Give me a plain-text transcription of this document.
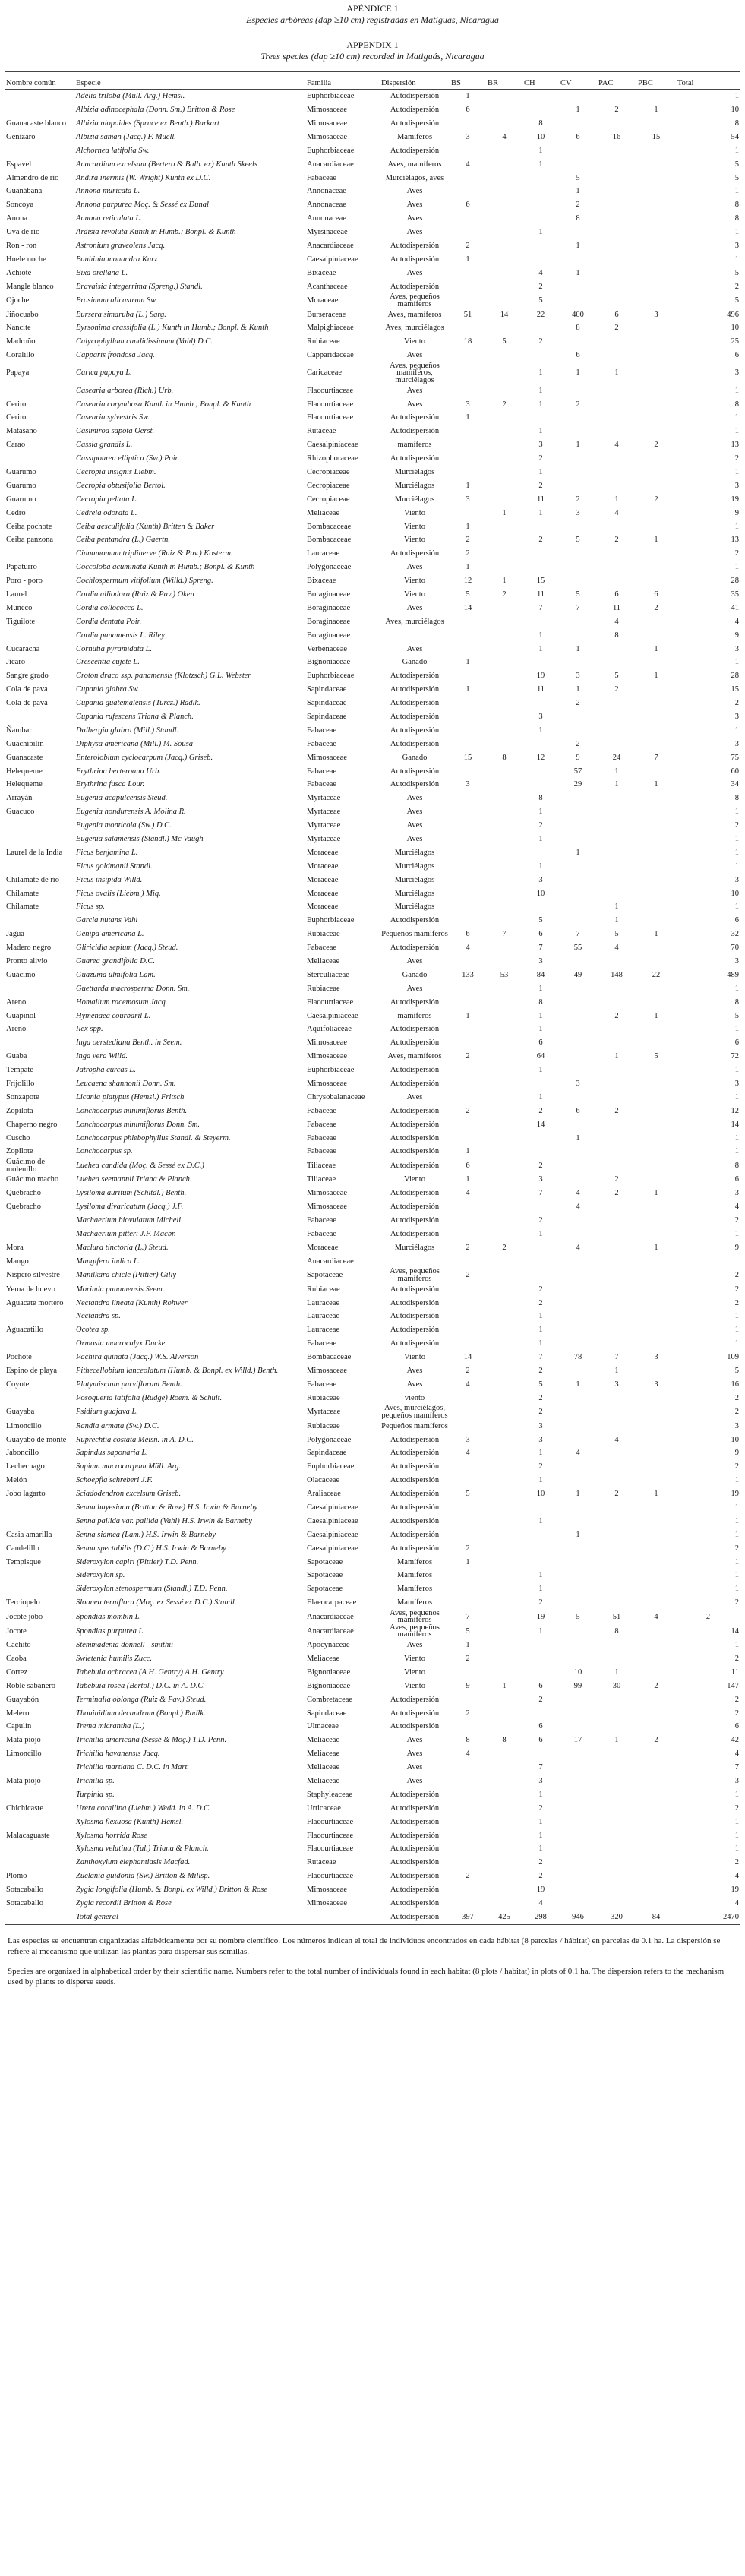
APÉNDICE 1
Especies arbóreas (dap ≥10 cm) registradas en Matiguás, Nicaragua
APPENDIX 1
Trees species (dap ≥10 cm) recorded in Matiguás, Nicaragua

Nombre común	Especie	Familia	Dispersión	BS	BR	CH	CV	PAC	PBC	Total	
	Adelia triloba (Müll. Arg.) Hemsl.	Euphorbiaceae	Autodispersión	1						1	
	Albizia adinocephala (Donn. Sm.) Britton & Rose	Mimosaceae	Autodispersión	6			1	2	1	10	
Guanacaste blanco	Albizia niopoides (Spruce ex Benth.) Burkart	Mimosaceae	Autodispersión			8				8	
Genízaro	Albizia saman (Jacq.) F. Muell.	Mimosaceae	Mamíferos	3	4	10	6	16	15	54	
	Alchornea latifolia Sw.	Euphorbiaceae	Autodispersión			1				1	
Espavel	Anacardium excelsum (Bertero & Balb. ex) Kunth Skeels	Anacardiaceae	Aves, mamíferos	4		1				5	
Almendro de río	Andira inermis (W. Wright) Kunth ex D.C.	Fabaceae	Murciélagos, aves				5			5	
Guanábana	Annona muricata L.	Annonaceae	Aves				1			1	
Soncoya	Annona purpurea Moç. & Sessé ex Dunal	Annonaceae	Aves	6			2			8	
Anona	Annona reticulata L.	Annonaceae	Aves				8			8	
Uva de río	Ardisia revoluta Kunth in Humb.; Bonpl. & Kunth	Myrsinaceae	Aves			1				1	
Ron - ron	Astronium graveolens Jacq.	Anacardiaceae	Autodispersión	2			1			3	
Huele noche	Bauhinia monandra Kurz	Caesalpiniaceae	Autodispersión	1						1	
Achiote	Bixa orellana L.	Bixaceae	Aves			4	1			5	
Mangle blanco	Bravaisia integerrima (Spreng.) Standl.	Acanthaceae	Autodispersión			2				2	
Ojoche	Brosimum alicastrum Sw.	Moraceae	Aves, pequeños mamíferos			5				5	
Jiñocuabo	Bursera simaruba (L.) Sarg.	Burseraceae	Aves, mamíferos	51	14	22	400	6	3	496	
Nancite	Byrsonima crassifolia (L.) Kunth in Humb.; Bonpl. & Kunth	Malpighiaceae	Aves, murciélagos				8	2		10	
Madroño	Calycophyllum candidissimum (Vahl) D.C.	Rubiaceae	Viento	18	5	2				25	
Coralillo	Capparis frondosa Jacq.	Capparidaceae	Aves				6			6	
Papaya	Carica papaya L.	Caricaceae	Aves, pequeños mamíferos, murciélagos			1	1	1		3	
	Casearia arborea (Rich.) Urb.	Flacourtiaceae	Aves			1				1	
Cerito	Casearia corymbosa Kunth in Humb.; Bonpl. & Kunth	Flacourtiaceae	Aves	3	2	1	2			8	
Cerito	Casearia sylvestris Sw.	Flacourtiaceae	Autodispersión	1						1	
Matasano	Casimiroa sapota Oerst.	Rutaceae	Autodispersión			1				1	
Carao	Cassia grandis L.	Caesalpiniaceae	mamíferos			3	1	4	2	13	
	Cassipourea elliptica (Sw.) Poir.	Rhizophoraceae	Autodispersión			2				2	
Guarumo	Cecropia insignis Liebm.	Cecropiaceae	Murciélagos			1				1	
Guarumo	Cecropia obtusifolia Bertol.	Cecropiaceae	Murciélagos	1		2				3	
Guarumo	Cecropia peltata L.	Cecropiaceae	Murciélagos	3		11	2	1	2	19	
Cedro	Cedrela odorata L.	Meliaceae	Viento		1	1	3	4		9	
Ceiba pochote	Ceiba aesculifolia (Kunth) Britten & Baker	Bombacaceae	Viento	1						1	
Ceiba panzona	Ceiba pentandra (L.) Gaertn.	Bombacaceae	Viento	2		2	5	2	1	13	
	Cinnamomum triplinerve (Ruiz & Pav.) Kosterm.	Lauraceae	Autodispersión	2						2	
Papaturro	Coccoloba acuminata Kunth in Humb.; Bonpl. & Kunth	Polygonaceae	Aves	1						1	
Poro - poro	Cochlospermum vitifolium (Willd.) Spreng.	Bixaceae	Viento	12	1	15				28	
Laurel	Cordia alliodora (Ruiz & Pav.) Oken	Boraginaceae	Viento	5	2	11	5	6	6	35	
Muñeco	Cordia collococca L.	Boraginaceae	Aves	14		7	7	11	2	41	
Tiguilote	Cordia dentata Poir.	Boraginaceae	Aves, murciélagos					4		4	
	Cordia panamensis L. Riley	Boraginaceae				1		8		9	
Cucaracha	Cornutia pyramidata L.	Verbenaceae	Aves			1	1		1	3	
Jícaro	Crescentia cujete L.	Bignoniaceae	Ganado	1						1	
Sangre grado	Croton draco ssp. panamensis (Klotzsch) G.L. Webster	Euphorbiaceae	Autodispersión			19	3	5	1	28	
Cola de pava	Cupania glabra Sw.	Sapindaceae	Autodispersión	1		11	1	2		15	
Cola de pava	Cupania guatemalensis (Turcz.) Radlk.	Sapindaceae	Autodispersión				2			2	
	Cupania rufescens Triana & Planch.	Sapindaceae	Autodispersión			3				3	
Ñambar	Dalbergia glabra (Mill.) Standl.	Fabaceae	Autodispersión			1				1	
Guachipilín	Diphysa americana (Mill.) M. Sousa	Fabaceae	Autodispersión				2			3	
Guanacaste	Enterolobium cyclocarpum (Jacq.) Griseb.	Mimosaceae	Ganado	15	8	12	9	24	7	75	
Helequeme	Erythrina berteroana Urb.	Fabaceae	Autodispersión				57	1		60	
Helequeme	Erythrina fusca Lour.	Fabaceae	Autodispersión	3			29	1	1	34	
Arrayán	Eugenia acapulcensis Steud.	Myrtaceae	Aves			8				8	
Guacuco	Eugenia hondurensis A. Molina R.	Myrtaceae	Aves			1				1	
	Eugenia monticola (Sw.) D.C.	Myrtaceae	Aves			2				2	
	Eugenia salamensis (Standl.) Mc Vaugh	Myrtaceae	Aves			1				1	
Laurel de la India	Ficus benjamina L.	Moraceae	Murciélagos				1			1	
	Ficus goldmanii Standl.	Moraceae	Murciélagos			1				1	
Chilamate de río	Ficus insipida Willd.	Moraceae	Murciélagos			3				3	
Chilamate	Ficus ovalis (Liebm.) Miq.	Moraceae	Murciélagos			10				10	
Chilamate	Ficus sp.	Moraceae	Murciélagos					1		1	
	Garcia nutans Vahl	Euphorbiaceae	Autodispersión			5		1		6	
Jagua	Genipa americana L.	Rubiaceae	Pequeños mamíferos	6	7	6	7	5	1	32	
Madero negro	Gliricidia sepium (Jacq.) Steud.	Fabaceae	Autodispersión	4		7	55	4		70	
Pronto alivio	Guarea grandifolia D.C.	Meliaceae	Aves			3				3	
Guácimo	Guazuma ulmifolia Lam.	Sterculiaceae	Ganado	133	53	84	49	148	22	489	
	Guettarda macrosperma Donn. Sm.	Rubiaceae	Aves			1				1	
Areno	Homalium racemosum Jacq.	Flacourtiaceae	Autodispersión			8				8	
Guapinol	Hymenaea courbaril L.	Caesalpiniaceae	mamíferos	1		1		2	1	5	
Areno	Ilex spp.	Aquifoliaceae	Autodispersión			1				1	
	Inga oerstediana Benth. in Seem.	Mimosaceae	Autodispersión			6				6	
Guaba	Inga vera Willd.	Mimosaceae	Aves, mamíferos	2		64		1	5	72	
Tempate	Jatropha curcas L.	Euphorbiaceae	Autodispersión			1				1	
Frijolillo	Leucaena shannonii Donn. Sm.	Mimosaceae	Autodispersión				3			3	
Sonzapote	Licania platypus (Hemsl.) Fritsch	Chrysobalanaceae	Aves			1				1	
Zopilota	Lonchocarpus minimiflorus Benth.	Fabaceae	Autodispersión	2		2	6	2		12	
Chaperno negro	Lonchocarpus minimiflorus Donn. Sm.	Fabaceae	Autodispersión			14				14	
Cuscho	Lonchocarpus phlebophyllus Standl. & Steyerm.	Fabaceae	Autodispersión				1			1	
Zopilote	Lonchocarpus sp.	Fabaceae	Autodispersión	1						1	
Guácimo de molenillo	Luehea candida (Moç. & Sessé ex D.C.)	Tiliaceae	Autodispersión	6		2				8	
Guácimo macho	Luehea seemannii Triana & Planch.	Tiliaceae	Viento	1		3		2		6	
Quebracho	Lysiloma auritum (Schltdl.) Benth.	Mimosaceae	Autodispersión	4		7	4	2	1	3	
Quebracho	Lysiloma divaricatum (Jacq.) J.F.	Mimosaceae	Autodispersión				4			4	
	Machaerium biovulatum Micheli	Fabaceae	Autodispersión			2				2	
	Machaerium pitteri J.F. Macbr.	Fabaceae	Autodispersión			1				1	
Mora	Maclura tinctoria (L.) Steud.	Moraceae	Murciélagos	2	2		4		1	9	
Mango	Mangifera indica L.	Anacardiaceae									
Níspero silvestre	Manilkara chicle (Pittier) Gilly	Sapotaceae	Aves, pequeños mamíferos	2						2	
Yema de huevo	Morinda panamensis Seem.	Rubiaceae	Autodispersión			2				2	
Aguacate mortero	Nectandra lineata (Kunth) Rohwer	Lauraceae	Autodispersión			2				2	
	Nectandra sp.	Lauraceae	Autodispersión			1				1	
Aguacatillo	Ocotea sp.	Lauraceae	Autodispersión			1				1	
	Ormosia macrocalyx Ducke	Fabaceae	Autodispersión			1				1	
Pochote	Pachira quinata (Jacq.) W.S. Alverson	Bombacaceae	Viento	14		7	78	7	3	109	
Espino de playa	Pithecellobium lanceolatum (Humb. & Bonpl. ex Willd.) Benth.	Mimosaceae	Aves	2		2		1		5	
Coyote	Platymiscium parviflorum Benth.	Fabaceae	Aves	4		5	1	3	3	16	
	Posoqueria latifolia (Rudge) Roem. & Schult.	Rubiaceae	viento			2				2	
Guayaba	Psidium guajava L.	Myrtaceae	Aves, murciélagos, pequeños mamíferos			2				2	
Limoncillo	Randia armata (Sw.) D.C.	Rubiaceae	Pequeños mamíferos			3				3	
Guayabo de monte	Ruprechtia costata Meisn. in A. D.C.	Polygonaceae	Autodispersión	3		3		4		10	
Jaboncillo	Sapindus saponaria L.	Sapindaceae	Autodispersión	4		1	4			9	
Lechecuago	Sapium macrocarpum Müll. Arg.	Euphorbiaceae	Autodispersión			2				2	
Melón	Schoepfia schreberi J.F.	Olacaceae	Autodispersión			1				1	
Jobo lagarto	Sciadodendron excelsum Griseb.	Araliaceae	Autodispersión	5		10	1	2	1	19	
	Senna hayesiana (Britton & Rose) H.S. Irwin & Barneby	Caesalpiniaceae	Autodispersión							1	
	Senna pallida var. pallida (Vahl) H.S. Irwin & Barneby	Caesalpiniaceae	Autodispersión			1				1	
Casia amarilla	Senna siamea (Lam.) H.S. Irwin & Barneby	Caesalpiniaceae	Autodispersión				1			1	
Candelillo	Senna spectabilis (D.C.) H.S. Irwin & Barneby	Caesalpiniaceae	Autodispersión	2						2	
Tempisque	Sideroxylon capiri (Pittier) T.D. Penn.	Sapotaceae	Mamíferos	1						1	
	Sideroxylon sp.	Sapotaceae	Mamíferos			1				1	
	Sideroxylon stenospermum (Standl.) T.D. Penn.	Sapotaceae	Mamíferos			1				1	
Terciopelo	Sloanea terniflora (Moç. ex Sessé ex D.C.) Standl.	Elaeocarpaceae	Mamíferos			2				2	
Jocote jobo	Spondias mombin L.	Anacardiaceae	Aves, pequeños mamíferos	7		19	5	51	4	2	
Jocote	Spondias purpurea L.	Anacardiaceae	Aves, pequeños mamíferos	5		1		8		14	
Cachito	Stemmadenia donnell - smithii	Apocynaceae	Aves	1						1	
Caoba	Swietenia humilis Zucc.	Meliaceae	Viento	2						2	
Cortez	Tabebuia ochracea (A.H. Gentry) A.H. Gentry	Bignoniaceae	Viento				10	1		11	
Roble sabanero	Tabebuia rosea (Bertol.) D.C. in A. D.C.	Bignoniaceae	Viento	9	1	6	99	30	2	147	
Guayabón	Terminalia oblonga (Ruiz & Pav.) Steud.	Combretaceae	Autodispersión			2				2	
Melero	Thouinidium decandrum (Bonpl.) Radlk.	Sapindaceae	Autodispersión	2						2	
Capulín	Trema micrantha (L.)	Ulmaceae	Autodispersión			6				6	
Mata piojo	Trichilia americana (Sessé & Moç.) T.D. Penn.	Meliaceae	Aves	8	8	6	17	1	2	42	
Limoncillo	Trichilia havanensis Jacq.	Meliaceae	Aves	4						4	
	Trichilia martiana C. D.C. in Mart.	Meliaceae	Aves			7				7	
Mata piojo	Trichilia sp.	Meliaceae	Aves			3				3	
	Turpinia sp.	Staphyleaceae	Autodispersión			1				1	
Chichicaste	Urera corallina (Liebm.) Wedd. in A. D.C.	Urticaceae	Autodispersión			2				2	
	Xylosma flexuosa (Kunth) Hemsl.	Flacourtiaceae	Autodispersión			1				1	
Malacaguaste	Xylosma horrida Rose	Flacourtiaceae	Autodispersión			1				1	
	Xylosma velutina (Tul.) Triana & Planch.	Flacourtiaceae	Autodispersión			1				1	
	Zanthoxylum elephantiasis Macfad.	Rutaceae	Autodispersión			2				2	
Plomo	Zuelania guidonia (Sw.) Britton & Millsp.	Flacourtiaceae	Autodispersión	2		2				4	
Sotacaballo	Zygia longifolia (Humb. & Bonpl. ex Willd.) Britton & Rose	Mimosaceae	Autodispersión			19				19	
Sotacaballo	Zygia recordii Britton & Rose	Mimosaceae	Autodispersión			4				4	
	Total general		Autodispersión	397	425	298	946	320	84	2470	

Las especies se encuentran organizadas alfabéticamente por su nombre científico. Los números indican el total de individuos encontrados en cada hábitat (8 parcelas / hábitat) en parcelas de 0.1 ha. La dispersión se refiere al mecanismo que utilizan las plantas para dispersar sus semillas.

Species are organized in alphabetical order by their scientific name. Numbers refer to the total number of individuals found in each habitat (8 plots / habitat) in plots of 0.1 ha. The dispersion refers to the mechanism used by plants to disperse seeds.
